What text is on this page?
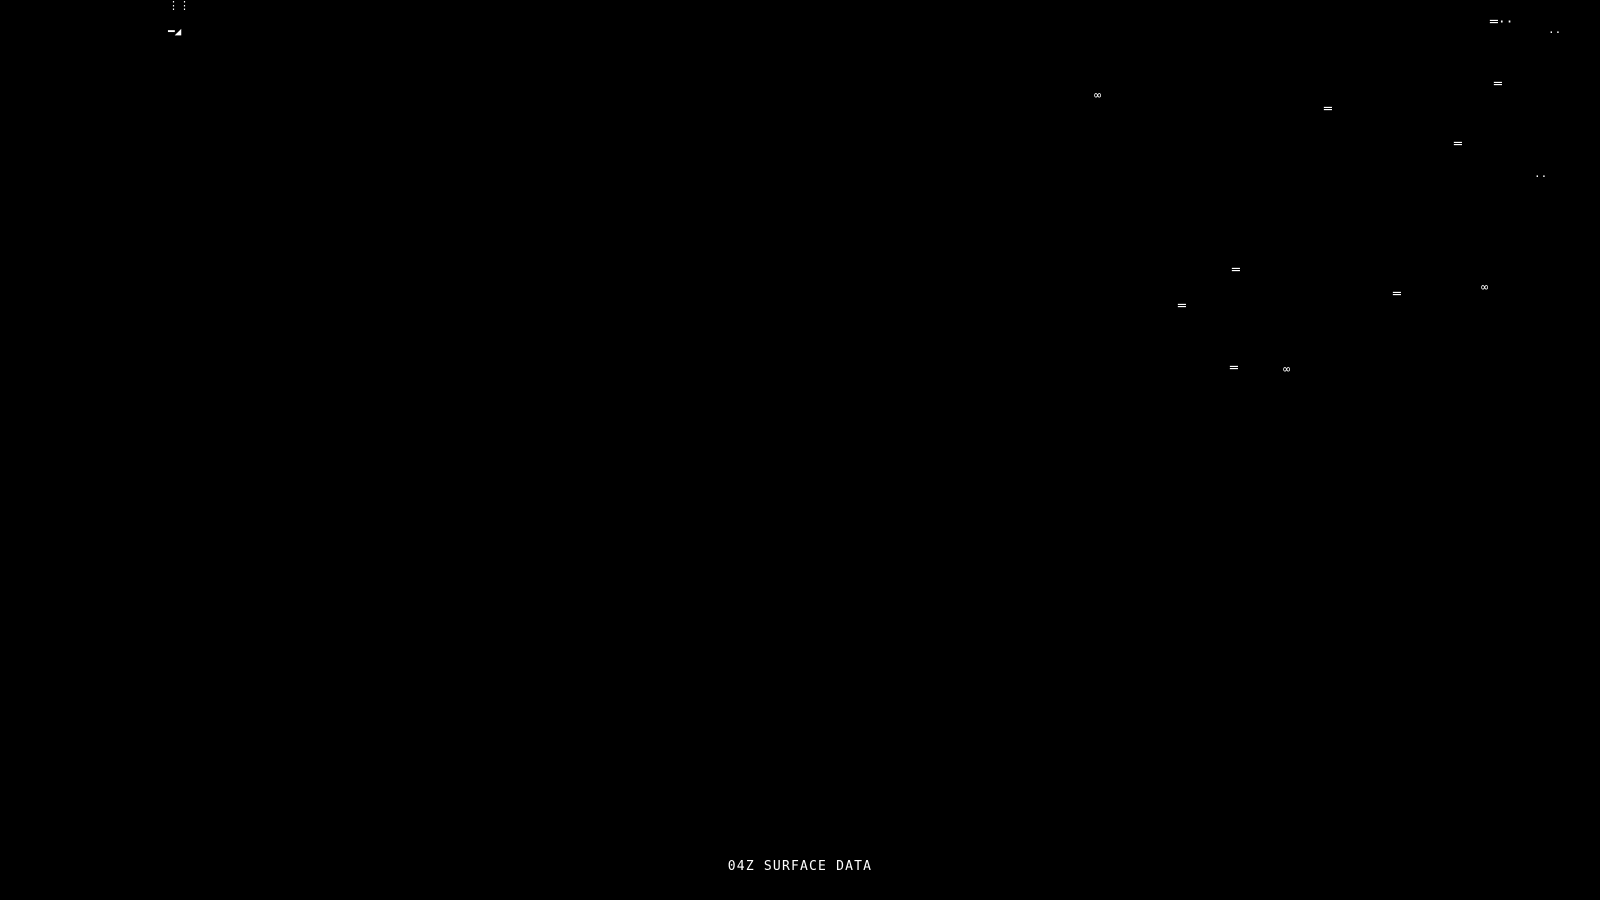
⋮⋮
━◢
∞
═
═
═··
··
═
··
═
═
═	∞
═	∞
04Z SURFACE DATA
